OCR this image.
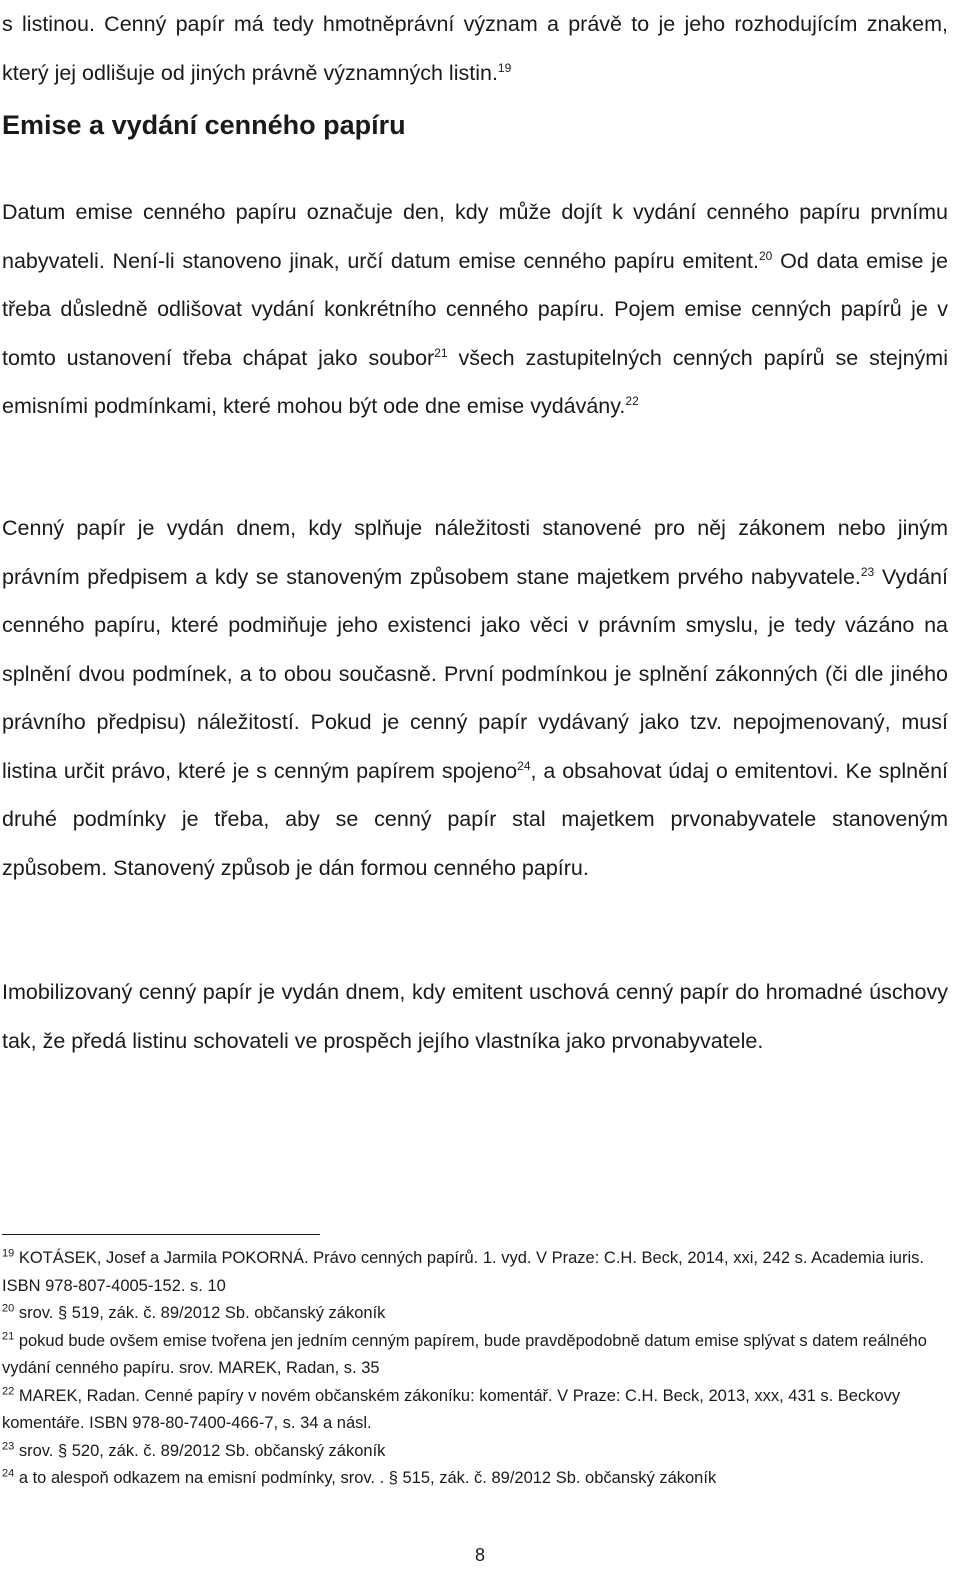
s listinou. Cenný papír má tedy hmotněprávní význam a právě to je jeho rozhodujícím znakem, který jej odlišuje od jiných právně významných listin.$^{19}$

Emise a vydání cenného papíru

Datum emise cenného papíru označuje den, kdy může dojít k vydání cenného papíru prvnímu nabyvateli. Není-li stanoveno jinak, určí datum emise cenného papíru emitent.$^{20}$ Od data emise je třeba důsledně odlišovat vydání konkrétního cenného papíru. Pojem emise cenných papírů je v tomto ustanovení třeba chápat jako soubor$^{21}$ všech zastupitelných cenných papírů se stejnými emisními podmínkami, které mohou být ode dne emise vydávány.$^{22}$

Cenný papír je vydán dnem, kdy splňuje náležitosti stanovené pro něj zákonem nebo jiným právním předpisem a kdy se stanoveným způsobem stane majetkem prvého nabyvatele.$^{23}$ Vydání cenného papíru, které podmiňuje jeho existenci jako věci v právním smyslu, je tedy vázáno na splnění dvou podmínek, a to obou současně. První podmínkou je splnění zákonných (či dle jiného právního předpisu) náležitostí. Pokud je cenný papír vydávaný jako tzv. nepojmenovaný, musí listina určit právo, které je s cenným papírem spojeno$^{24}$, a obsahovat údaj o emitentovi. Ke splnění druhé podmínky je třeba, aby se cenný papír stal majetkem prvonabyvatele stanoveným způsobem. Stanovený způsob je dán formou cenného papíru.

Imobilizovaný cenný papír je vydán dnem, kdy emitent uschová cenný papír do hromadné úschovy tak, že předá listinu schovateli ve prospěch jejího vlastníka jako prvonabyvatele.

$^{19}$ KOTÁSEK, Josef a Jarmila POKORNÁ. Právo cenných papírů. 1. vyd. V Praze: C.H. Beck, 2014, xxi, 242 s. Academia iuris. ISBN 978-807-4005-152. s. 10
$^{20}$ srov. § 519, zák. č. 89/2012 Sb. občanský zákoník
$^{21}$ pokud bude ovšem emise tvořena jen jedním cenným papírem, bude pravděpodobně datum emise splývat s datem reálného vydání cenného papíru. srov. MAREK, Radan, s. 35
$^{22}$ MAREK, Radan. Cenné papíry v novém občanském zákoníku: komentář. V Praze: C.H. Beck, 2013, xxx, 431 s. Beckovy komentáře. ISBN 978-80-7400-466-7, s. 34 a násl.
$^{23}$ srov. § 520, zák. č. 89/2012 Sb. občanský zákoník
$^{24}$ a to alespoň odkazem na emisní podmínky, srov. . § 515, zák. č. 89/2012 Sb. občanský zákoník
8
